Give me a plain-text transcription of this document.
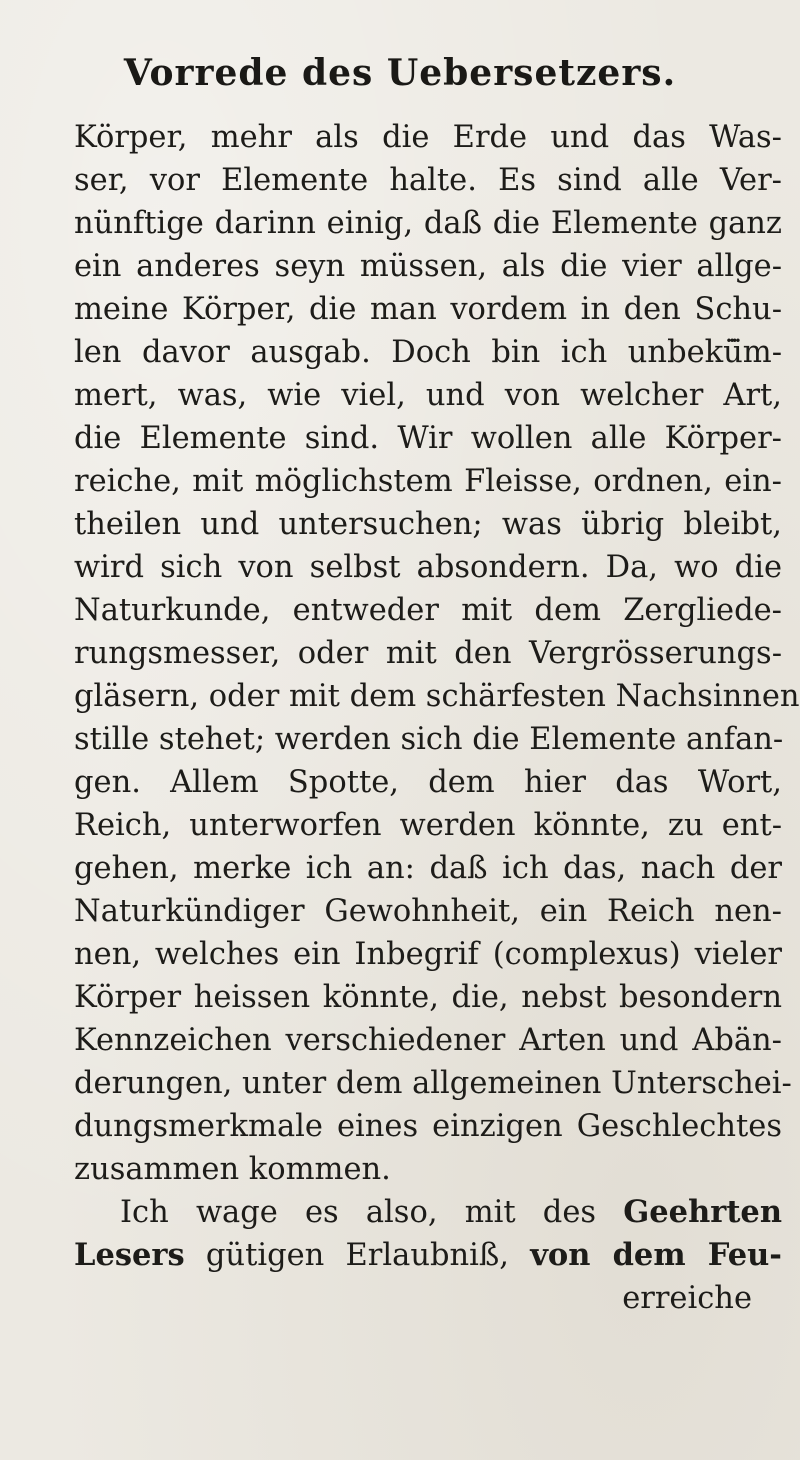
Vorrede des Uebersetzers.
Körper, mehr als die Erde und das Was-
ser, vor Elemente halte. Es sind alle Ver-
nünftige darinn einig, daß die Elemente ganz
ein anderes seyn müssen, als die vier allge-
meine Körper, die man vordem in den Schu-
len davor ausgab. Doch bin ich unbekü̈m-
mert, was, wie viel, und von welcher Art,
die Elemente sind. Wir wollen alle Körper-
reiche, mit möglichstem Fleisse, ordnen, ein-
theilen und untersuchen; was übrig bleibt,
wird sich von selbst absondern. Da, wo die
Naturkunde, entweder mit dem Zergliede-
rungsmesser, oder mit den Vergrösserungs-
gläsern, oder mit dem schärfesten Nachsinnen
stille stehet; werden sich die Elemente anfan-
gen. Allem Spotte, dem hier das Wort,
Reich, unterworfen werden könnte, zu ent-
gehen, merke ich an: daß ich das, nach der
Naturkündiger Gewohnheit, ein Reich nen-
nen, welches ein Inbegrif (complexus) vieler
Körper heissen könnte, die, nebst besondern
Kennzeichen verschiedener Arten und Abän-
derungen, unter dem allgemeinen Unterschei-
dungsmerkmale eines einzigen Geschlechtes
zusammen kommen.
Ich wage es also, mit des Geehrten
Lesers gütigen Erlaubniß, von dem Feu-
erreiche
